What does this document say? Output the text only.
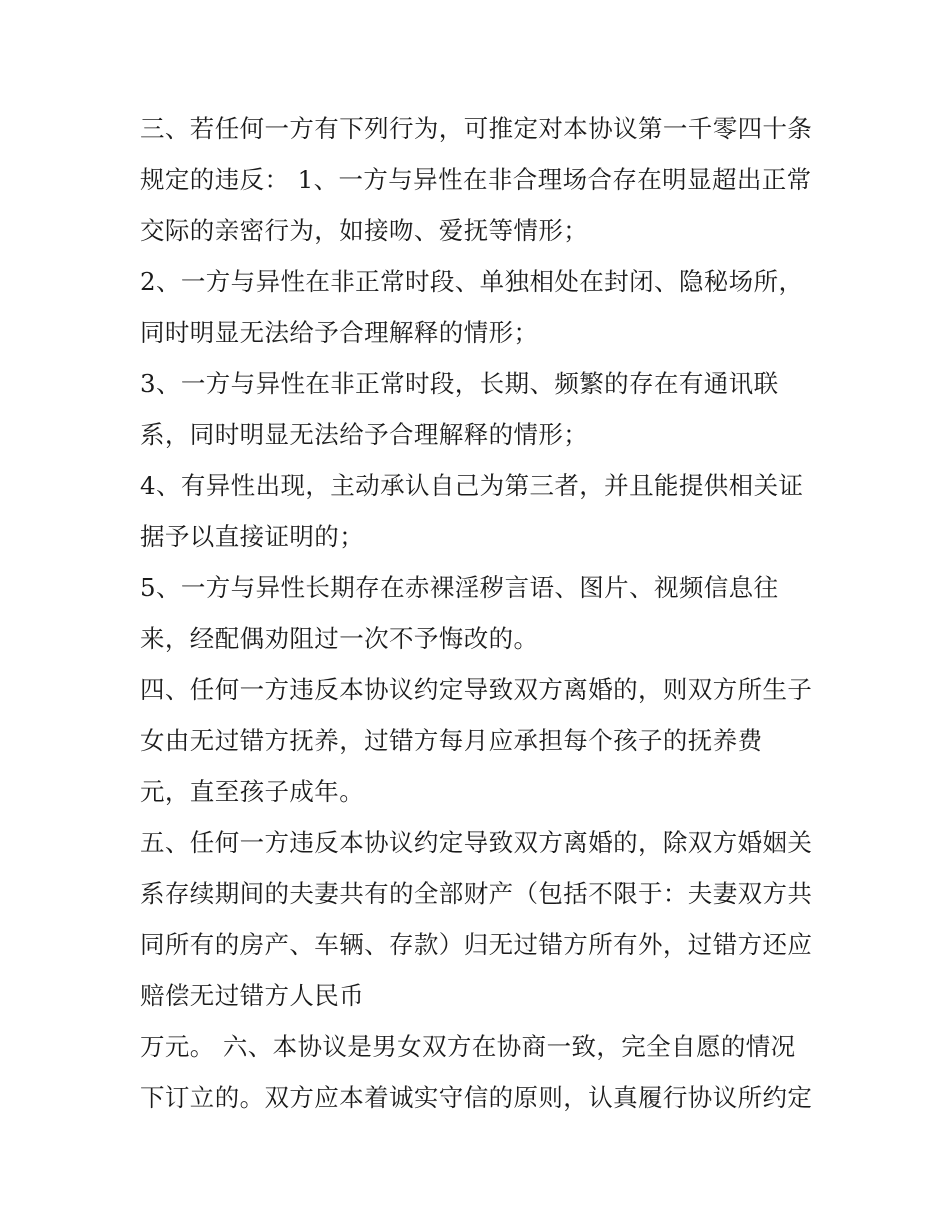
三、若任何一方有下列行为，可推定对本协议第一千零四十条
规定的违反： 1、一方与异性在非合理场合存在明显超出正常
交际的亲密行为，如接吻、爱抚等情形；
2、一方与异性在非正常时段、单独相处在封闭、隐秘场所，
同时明显无法给予合理解释的情形；
3、一方与异性在非正常时段，长期、频繁的存在有通讯联
系，同时明显无法给予合理解释的情形；
4、有异性出现，主动承认自己为第三者，并且能提供相关证
据予以直接证明的；
5、一方与异性长期存在赤裸淫秽言语、图片、视频信息往
来，经配偶劝阻过一次不予悔改的。
四、任何一方违反本协议约定导致双方离婚的，则双方所生子
女由无过错方抚养，过错方每月应承担每个孩子的抚养费
元，直至孩子成年。
五、任何一方违反本协议约定导致双方离婚的，除双方婚姻关
系存续期间的夫妻共有的全部财产（包括不限于：夫妻双方共
同所有的房产、车辆、存款）归无过错方所有外，过错方还应
赔偿无过错方人民币
万元。 六、本协议是男女双方在协商一致，完全自愿的情况
下订立的。双方应本着诚实守信的原则，认真履行协议所约定
